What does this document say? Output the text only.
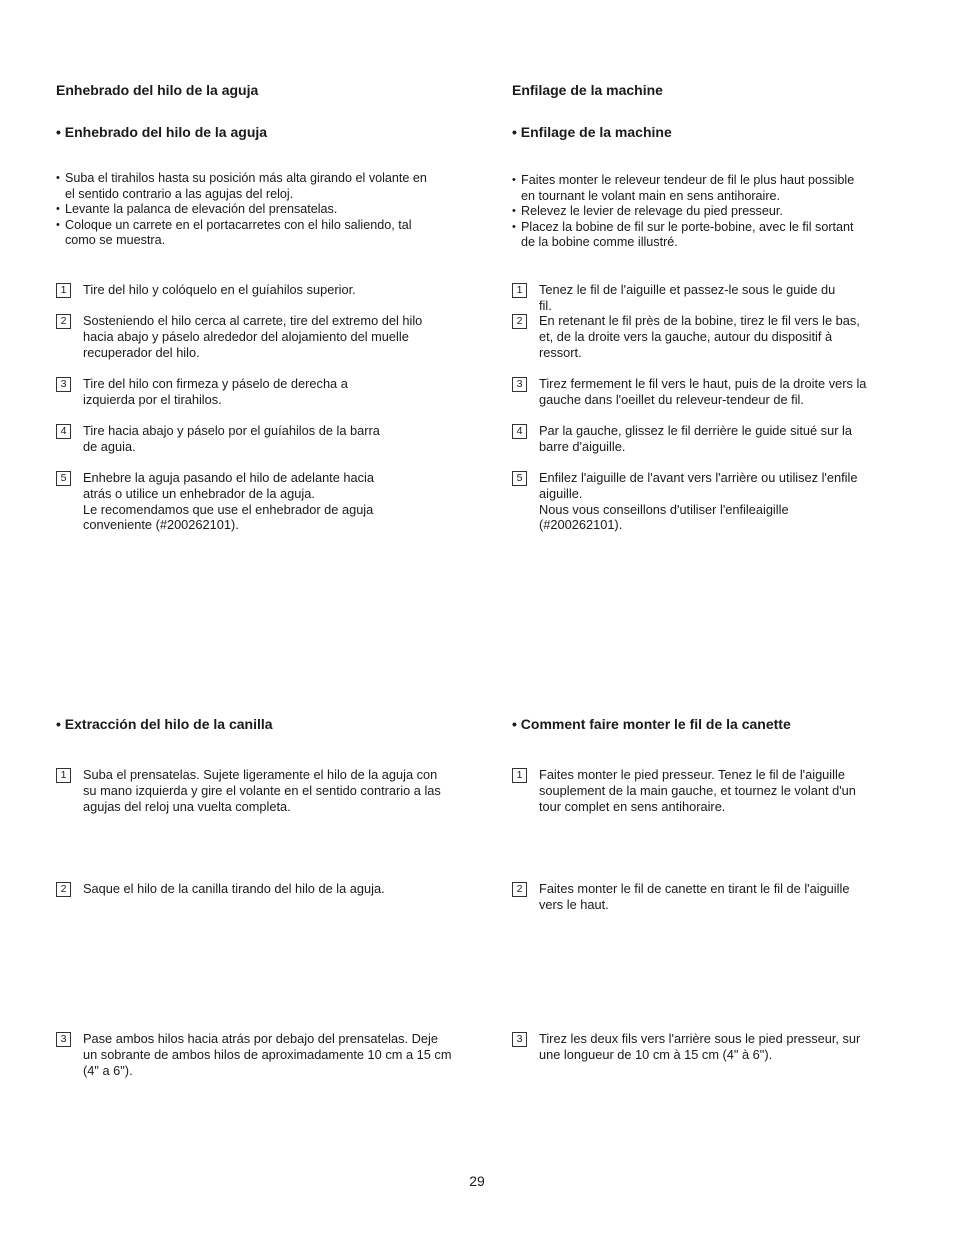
Enhebrado del hilo de la aguja
• Enhebrado del hilo de la aguja
• Suba el tirahilos hasta su posición más alta girando el volante en
el sentido contrario a las agujas del reloj.
• Levante la palanca de elevación del prensatelas.
• Coloque un carrete en el portacarretes con el hilo saliendo, tal
como se muestra.
1	Tire del hilo y colóquelo en el guíahilos superior.
2	Sosteniendo el hilo cerca al carrete, tire del extremo del hilo
hacia abajo y páselo alrededor del alojamiento del muelle
recuperador del hilo.
3	Tire del hilo con firmeza y páselo de derecha a
izquierda por el tirahilos.
4	Tire hacia abajo y páselo por el guíahilos de la barra
de aguia.
5	Enhebre la aguja pasando el hilo de adelante hacia
atrás o utilice un enhebrador de la aguja.
Le recomendamos que use el enhebrador de aguja
conveniente (#200262101).
• Extracción del hilo de la canilla
1	Suba el prensatelas. Sujete ligeramente el hilo de la aguja con
su mano izquierda y gire el volante en el sentido contrario a las
agujas del reloj una vuelta completa.
2	Saque el hilo de la canilla tirando del hilo de la aguja.
3	Pase ambos hilos hacia atrás por debajo del prensatelas. Deje
un sobrante de ambos hilos de aproximadamente 10 cm a 15 cm
(4" a 6").
Enfilage de la machine
• Enfilage de la machine
• Faites monter le releveur tendeur de fil le plus haut possible
en tournant le volant main en sens antihoraire.
• Relevez le levier de relevage du pied presseur.
• Placez la bobine de fil sur le porte-bobine, avec le fil sortant
de la bobine comme illustré.
1	Tenez le fil de l'aiguille et passez-le sous le guide du
fil.
2	En retenant le fil près de la bobine, tirez le fil vers le bas,
et, de la droite vers la gauche, autour du dispositif à
ressort.
3	Tirez fermement le fil vers le haut, puis de la droite vers la
gauche dans l'oeillet du releveur-tendeur de fil.
4	Par la gauche, glissez le fil derrière le guide situé sur la
barre d'aiguille.
5	Enfilez l'aiguille de l'avant vers l'arrière ou utilisez l'enfile
aiguille.
Nous vous conseillons d'utiliser l'enfileaigille
(#200262101).
• Comment faire monter le fil de la canette
1	Faites monter le pied presseur. Tenez le fil de l'aiguille
souplement de la main gauche, et tournez le volant d'un
tour complet en sens antihoraire.
2	Faites monter le fil de canette en tirant le fil de l'aiguille
vers le haut.
3	Tirez les deux fils vers l'arrière sous le pied presseur, sur
une longueur de 10 cm à 15 cm (4" à 6").
29
